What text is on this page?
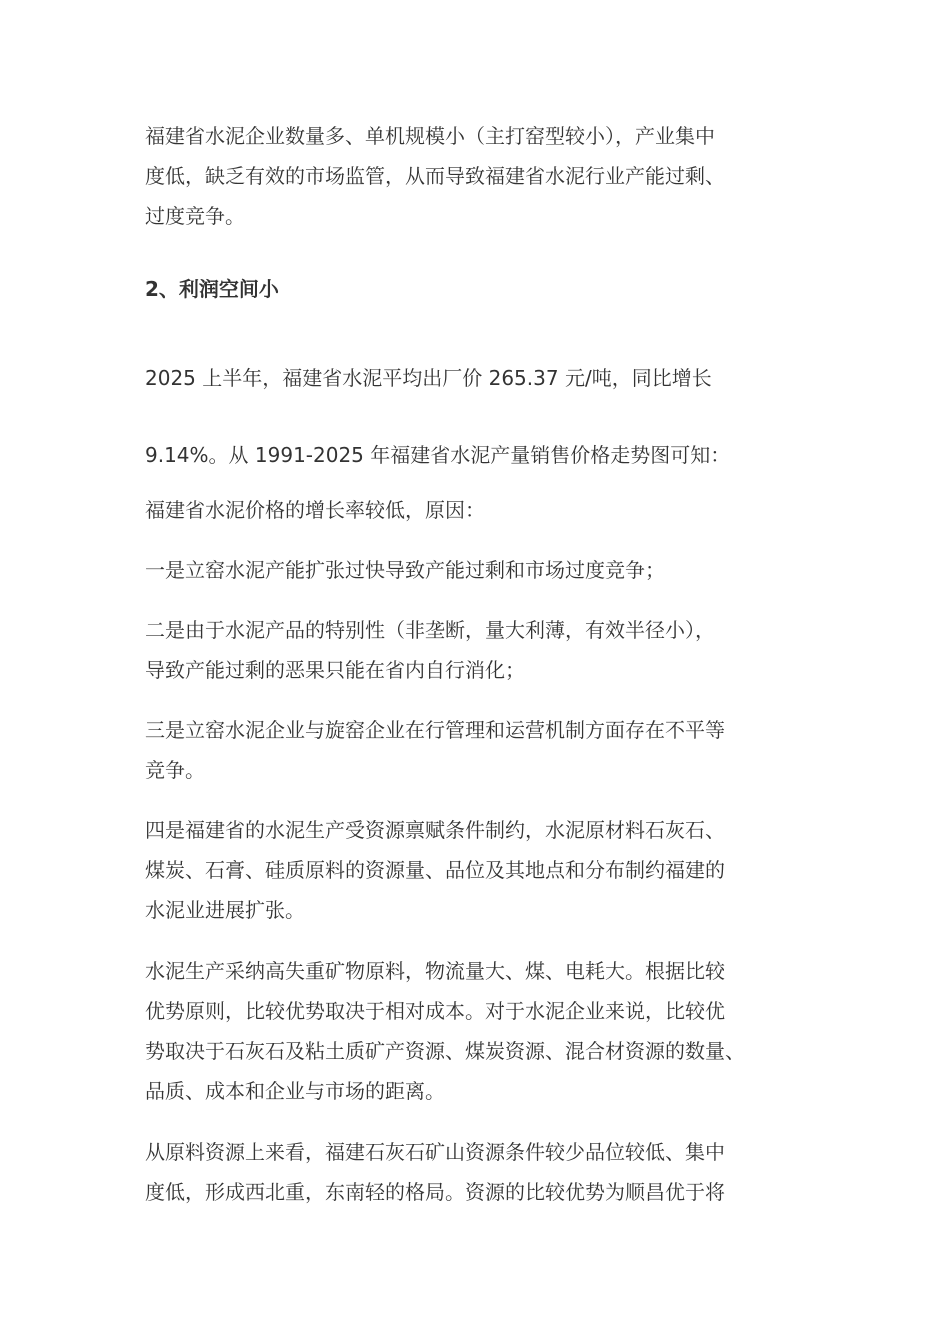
福建省水泥企业数量多、单机规模小（主打窑型较小），产业集中
度低，缺乏有效的市场监管，从而导致福建省水泥行业产能过剩、
过度竞争。

2、利润空间小

2025 上半年，福建省水泥平均出厂价 265.37 元/吨，同比增长

9.14%。从 1991-2025 年福建省水泥产量销售价格走势图可知：

福建省水泥价格的增长率较低，原因：

一是立窑水泥产能扩张过快导致产能过剩和市场过度竞争；

二是由于水泥产品的特别性（非垄断，量大利薄，有效半径小），
导致产能过剩的恶果只能在省内自行消化；

三是立窑水泥企业与旋窑企业在行管理和运营机制方面存在不平等
竞争。

四是福建省的水泥生产受资源禀赋条件制约，水泥原材料石灰石、
煤炭、石膏、硅质原料的资源量、品位及其地点和分布制约福建的
水泥业进展扩张。

水泥生产采纳高失重矿物原料，物流量大、煤、电耗大。根据比较
优势原则，比较优势取决于相对成本。对于水泥企业来说，比较优
势取决于石灰石及粘土质矿产资源、煤炭资源、混合材资源的数量、
品质、成本和企业与市场的距离。

从原料资源上来看，福建石灰石矿山资源条件较少品位较低、集中
度低，形成西北重，东南轻的格局。资源的比较优势为顺昌优于将
